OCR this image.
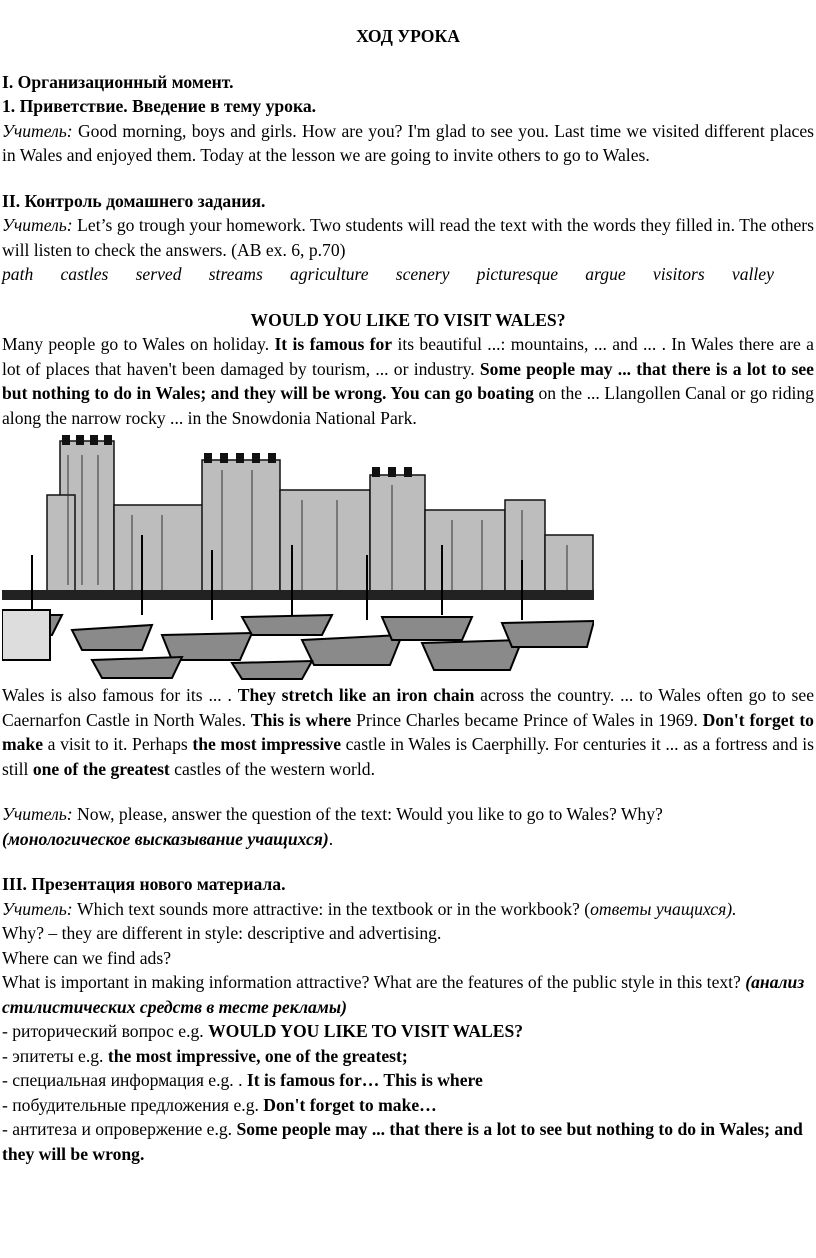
ХОД УРОКА

I. Организационный момент.

1. Приветствие. Введение в тему урока.

Учитель: Good morning, boys and girls. How are you? I'm glad to see you. Last time we visited different places in Wales and enjoyed them. Today at the lesson we are going to invite others to go to Wales.

II. Контроль домашнего задания.

Учитель: Let’s go trough your homework. Two students will read the text with the words they filled in. The others will listen to check the answers. (AB ex. 6, p.70)

path castles served streams agriculture scenery picturesque argue visitors valley

WOULD YOU LIKE TO VISIT WALES?

Many people go to Wales on holiday. It is famous for its beautiful ...: mountains, ... and ... . In Wales there are a lot of places that haven't been damaged by tourism, ... or industry. Some people may ... that there is a lot to see but nothing to do in Wales; and they will be wrong. You can go boating on the ... Llangollen Canal or go riding along the narrow rocky ... in the Snowdonia National Park.

Wales is also famous for its ... . They stretch like an iron chain across the country. ... to Wales often go to see Caernarfon Castle in North Wales. This is where Prince Charles became Prince of Wales in 1969. Don't forget to make a visit to it. Perhaps the most impressive castle in Wales is Caerphilly. For centuries it ... as a fortress and is still one of the greatest castles of the western world.

Учитель: Now, please, answer the question of the text: Would you like to go to Wales? Why?

(монологическое высказывание учащихся).

III. Презентация нового материала.

Учитель: Which text sounds more attractive: in the textbook or in the workbook? (ответы учащихся).

Why? – they are different in style: descriptive and advertising.

Where can we find ads?

What is important in making information attractive? What are the features of the public style in this text? (анализ стилистических средств в тесте рекламы)

- риторический вопрос e.g. WOULD YOU LIKE TO VISIT WALES?

- эпитеты e.g. the most impressive, one of the greatest;

- специальная информация e.g. . It is famous for… This is where

- побудительные предложения e.g. Don't forget to make…

- антитеза и опровержение e.g. Some people may ... that there is a lot to see but nothing to do in Wales; and they will be wrong.
